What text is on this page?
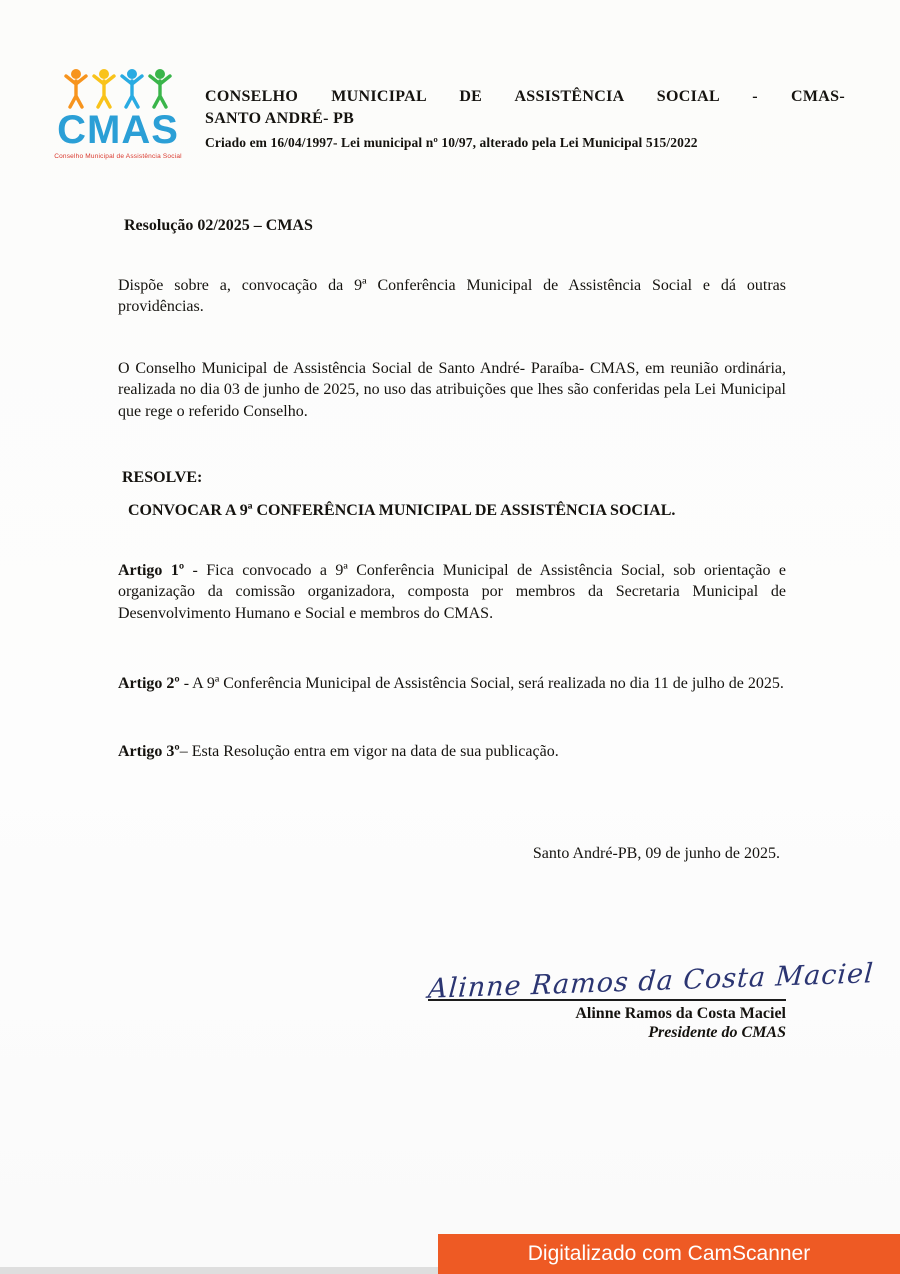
CMAS
Conselho Municipal de Assistência Social
CONSELHO MUNICIPAL DE ASSISTÊNCIA SOCIAL - CMAS-
SANTO ANDRÉ- PB
Criado em 16/04/1997- Lei municipal nº 10/97, alterado pela Lei Municipal 515/2022
Resolução 02/2025 – CMAS

Dispõe sobre a, convocação da 9ª Conferência Municipal de Assistência Social e dá outras providências.

O Conselho Municipal de Assistência Social de Santo André- Paraíba- CMAS, em reunião ordinária, realizada no dia 03 de junho de 2025, no uso das atribuições que lhes são conferidas pela Lei Municipal que rege o referido Conselho.

RESOLVE:
CONVOCAR A 9ª CONFERÊNCIA MUNICIPAL DE ASSISTÊNCIA SOCIAL.

Artigo 1º - Fica convocado a 9ª Conferência Municipal de Assistência Social, sob orientação e organização da comissão organizadora, composta por membros da Secretaria Municipal de Desenvolvimento Humano e Social e membros do CMAS.

Artigo 2º - A 9ª Conferência Municipal de Assistência Social, será realizada no dia 11 de julho de 2025.

Artigo 3º– Esta Resolução entra em vigor na data de sua publicação.

Santo André-PB, 09 de junho de 2025.
Alinne Ramos da Costa Maciel
Alinne Ramos da Costa Maciel
Presidente do CMAS
Digitalizado com CamScanner
